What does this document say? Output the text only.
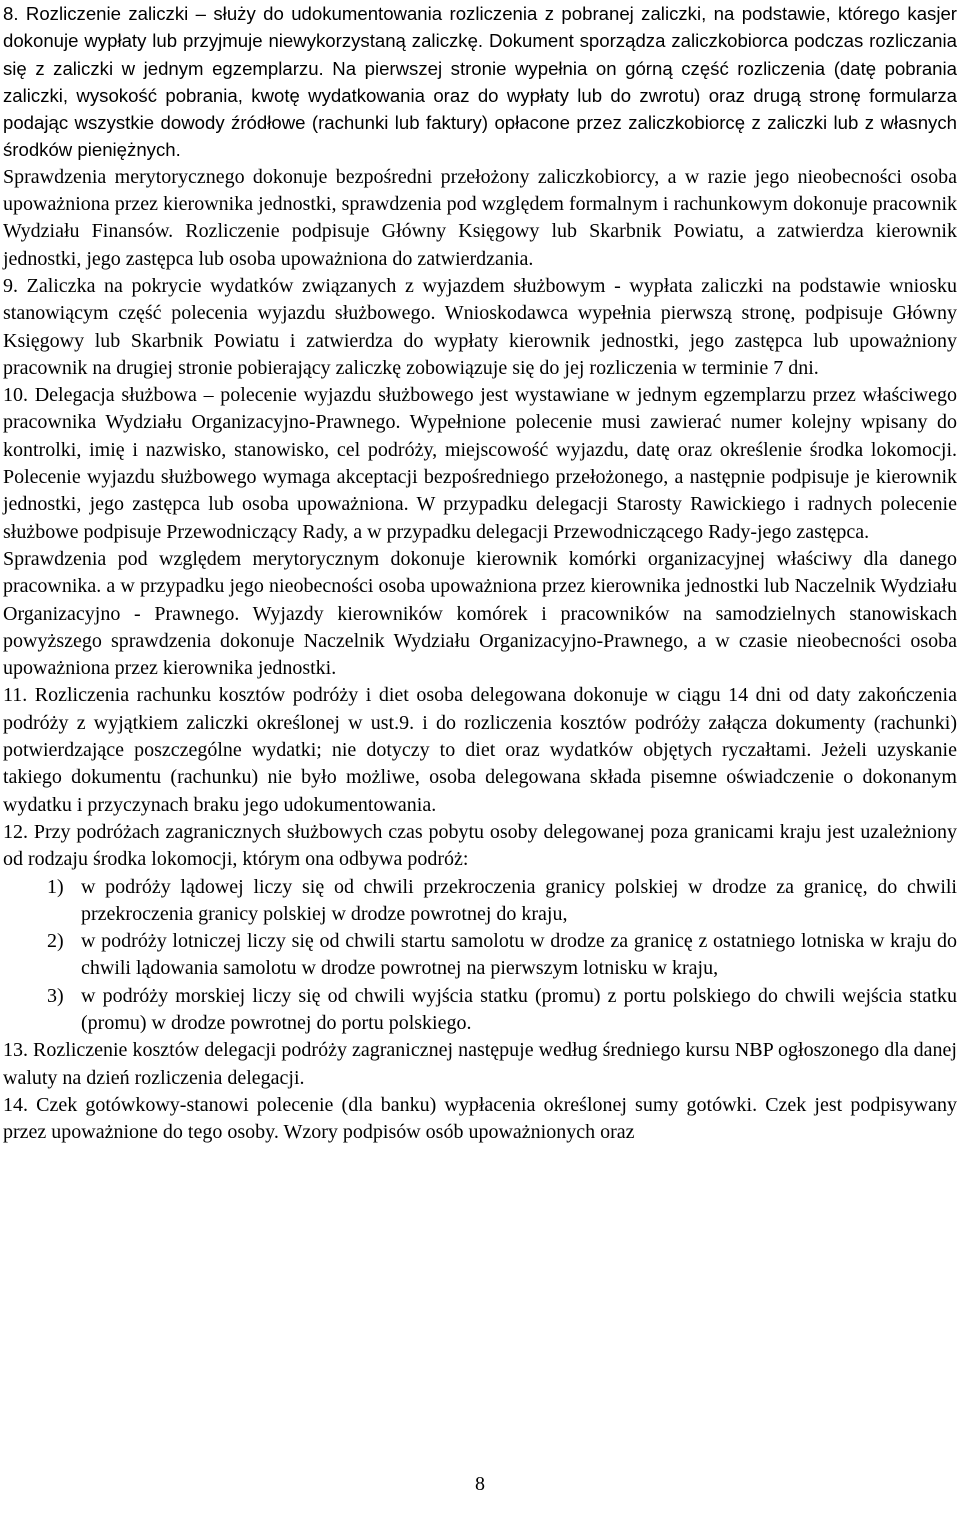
8. Rozliczenie zaliczki – służy do udokumentowania rozliczenia z pobranej zaliczki, na podstawie, którego kasjer dokonuje wypłaty lub przyjmuje niewykorzystaną zaliczkę. Dokument sporządza zaliczkobiorca podczas rozliczania się z zaliczki w jednym egzemplarzu. Na pierwszej stronie wypełnia on górną część rozliczenia (datę pobrania zaliczki, wysokość pobrania, kwotę wydatkowania oraz do wypłaty lub do zwrotu) oraz drugą stronę formularza podając wszystkie dowody źródłowe (rachunki lub faktury) opłacone przez zaliczkobiorcę z zaliczki lub z własnych środków pieniężnych.

Sprawdzenia merytorycznego dokonuje bezpośredni przełożony zaliczkobiorcy, a w razie jego nieobecności osoba upoważniona przez kierownika jednostki, sprawdzenia pod względem formalnym i rachunkowym dokonuje pracownik Wydziału Finansów. Rozliczenie podpisuje Główny Księgowy lub Skarbnik Powiatu, a zatwierdza kierownik jednostki, jego zastępca lub osoba upoważniona do zatwierdzania.

9. Zaliczka na pokrycie wydatków związanych z wyjazdem służbowym - wypłata zaliczki na podstawie wniosku stanowiącym część polecenia wyjazdu służbowego. Wnioskodawca wypełnia pierwszą stronę, podpisuje Główny Księgowy lub Skarbnik Powiatu i zatwierdza do wypłaty kierownik jednostki, jego zastępca lub upoważniony pracownik na drugiej stronie pobierający zaliczkę zobowiązuje się do jej rozliczenia w terminie 7 dni.

10. Delegacja służbowa – polecenie wyjazdu służbowego jest wystawiane w jednym egzemplarzu przez właściwego pracownika Wydziału Organizacyjno-Prawnego. Wypełnione polecenie musi zawierać numer kolejny wpisany do kontrolki, imię i nazwisko, stanowisko, cel podróży, miejscowość wyjazdu, datę oraz określenie środka lokomocji. Polecenie wyjazdu służbowego wymaga akceptacji bezpośredniego przełożonego, a następnie podpisuje je kierownik jednostki, jego zastępca lub osoba upoważniona. W przypadku delegacji Starosty Rawickiego i radnych polecenie służbowe podpisuje Przewodniczący Rady, a w przypadku delegacji Przewodniczącego Rady-jego zastępca.

Sprawdzenia pod względem merytorycznym dokonuje kierownik komórki organizacyjnej właściwy dla danego pracownika. a w przypadku jego nieobecności osoba upoważniona przez kierownika jednostki lub Naczelnik Wydziału Organizacyjno - Prawnego. Wyjazdy kierowników komórek i pracowników na samodzielnych stanowiskach powyższego sprawdzenia dokonuje Naczelnik Wydziału Organizacyjno-Prawnego, a w czasie nieobecności osoba upoważniona przez kierownika jednostki.

11. Rozliczenia rachunku kosztów podróży i diet osoba delegowana dokonuje w ciągu 14 dni od daty zakończenia podróży z wyjątkiem zaliczki określonej w ust.9. i do rozliczenia kosztów podróży załącza dokumenty (rachunki) potwierdzające poszczególne wydatki; nie dotyczy to diet oraz wydatków objętych ryczałtami. Jeżeli uzyskanie takiego dokumentu (rachunku) nie było możliwe, osoba delegowana składa pisemne oświadczenie o dokonanym wydatku i przyczynach braku jego udokumentowania.

12. Przy podróżach zagranicznych służbowych czas pobytu osoby delegowanej poza granicami kraju jest uzależniony od rodzaju środka lokomocji, którym ona odbywa podróż:

1) w podróży lądowej liczy się od chwili przekroczenia granicy polskiej w drodze za granicę, do chwili przekroczenia granicy polskiej w drodze powrotnej do kraju,
2) w podróży lotniczej liczy się od chwili startu samolotu w drodze za granicę z ostatniego lotniska w kraju do chwili lądowania samolotu w drodze powrotnej na pierwszym lotnisku w kraju,
3) w podróży morskiej liczy się od chwili wyjścia statku (promu) z portu polskiego do chwili wejścia statku (promu) w drodze powrotnej do portu polskiego.

13. Rozliczenie kosztów delegacji podróży zagranicznej następuje według średniego kursu NBP ogłoszonego dla danej waluty na dzień rozliczenia delegacji.

14. Czek gotówkowy-stanowi polecenie (dla banku) wypłacenia określonej sumy gotówki. Czek jest podpisywany przez upoważnione do tego osoby. Wzory podpisów osób upoważnionych oraz

8
